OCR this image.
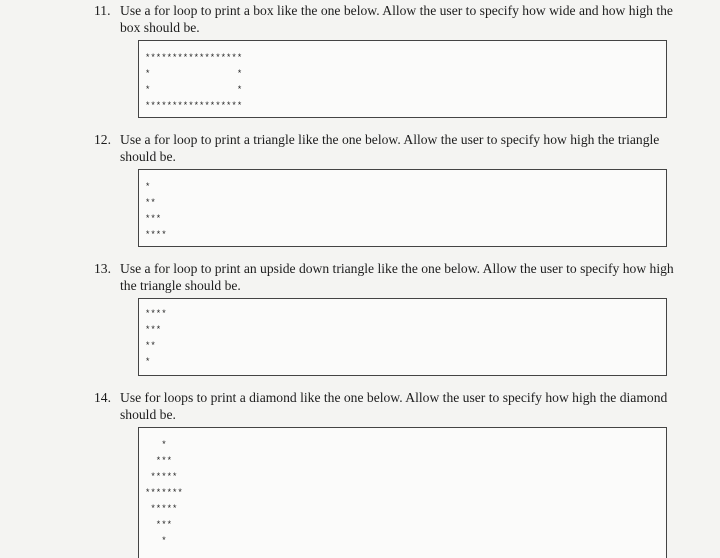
11. Use a for loop to print a box like the one below. Allow the user to specify how wide and how high the box should be.

******************

*                *

*                *

******************

12. Use a for loop to print a triangle like the one below. Allow the user to specify how high the triangle should be.

*

**

***

****

13. Use a for loop to print an upside down triangle like the one below. Allow the user to specify how high the triangle should be.

****

***

**

*

14. Use for loops to print a diamond like the one below. Allow the user to specify how high the diamond should be.

*

***

*****

*******

*****

***

*
